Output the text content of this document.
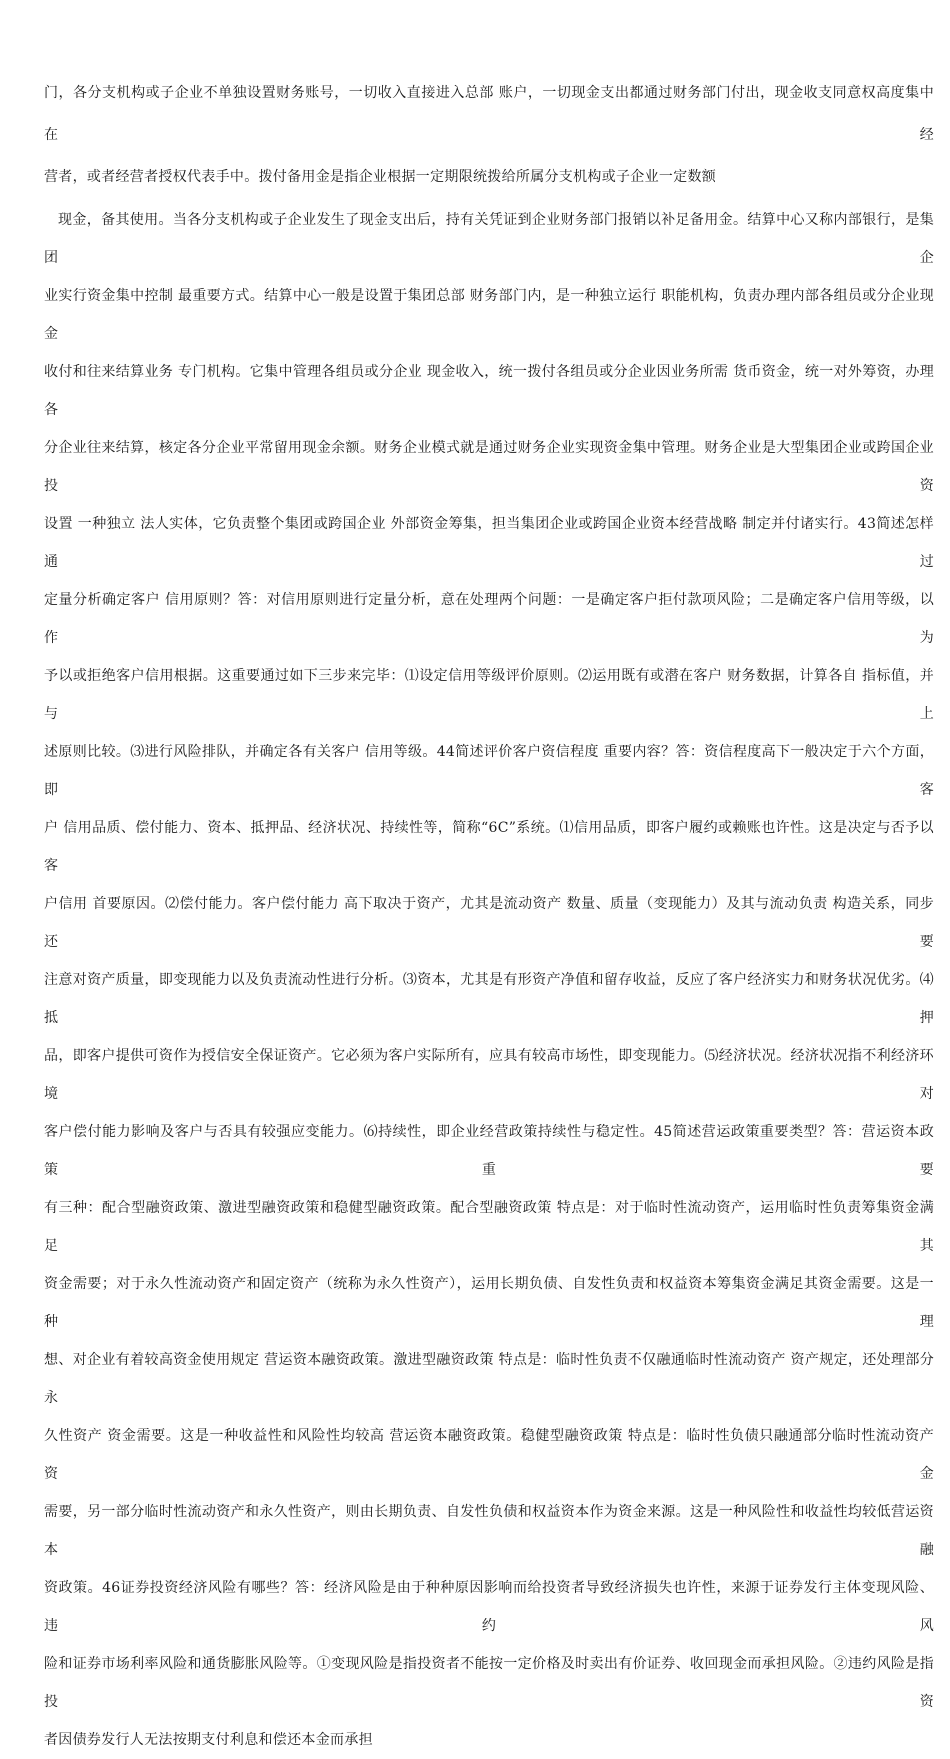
门，各分支机构或子企业不单独设置财务账号，一切收入直接进入总部 账户，一切现金支出都通过财务部门付出，现金收支同意权高度集中在经

营者，或者经营者授权代表手中。拨付备用金是指企业根据一定期限统拨给所属分支机构或子企业一定数额

现金，备其使用。当各分支机构或子企业发生了现金支出后，持有关凭证到企业财务部门报销以补足备用金。结算中心又称内部银行，是集团企

业实行资金集中控制 最重要方式。结算中心一般是设置于集团总部 财务部门内，是一种独立运行 职能机构，负责办理内部各组员或分企业现金

收付和往来结算业务 专门机构。它集中管理各组员或分企业 现金收入，统一拨付各组员或分企业因业务所需 货币资金，统一对外筹资，办理各

分企业往来结算，核定各分企业平常留用现金余额。财务企业模式就是通过财务企业实现资金集中管理。财务企业是大型集团企业或跨国企业投资

设置 一种独立 法人实体，它负责整个集团或跨国企业 外部资金筹集，担当集团企业或跨国企业资本经营战略 制定并付诸实行。43简述怎样通过

定量分析确定客户 信用原则？答：对信用原则进行定量分析，意在处理两个问题：一是确定客户拒付款项风险；二是确定客户信用等级，以作为

予以或拒绝客户信用根据。这重要通过如下三步来完毕：⑴设定信用等级评价原则。⑵运用既有或潜在客户 财务数据，计算各自 指标值，并与上

述原则比较。⑶进行风险排队，并确定各有关客户 信用等级。44简述评价客户资信程度 重要内容？答：资信程度高下一般决定于六个方面，即客

户 信用品质、偿付能力、资本、抵押品、经济状况、持续性等，简称“6C”系统。⑴信用品质，即客户履约或赖账也许性。这是决定与否予以客

户信用 首要原因。⑵偿付能力。客户偿付能力 高下取决于资产，尤其是流动资产 数量、质量（变现能力）及其与流动负责 构造关系，同步还要

注意对资产质量，即变现能力以及负责流动性进行分析。⑶资本，尤其是有形资产净值和留存收益，反应了客户经济实力和财务状况优劣。⑷抵押

品，即客户提供可资作为授信安全保证资产。它必须为客户实际所有，应具有较高市场性，即变现能力。⑸经济状况。经济状况指不利经济环境对

客户偿付能力影响及客户与否具有较强应变能力。⑹持续性，即企业经营政策持续性与稳定性。45简述营运政策重要类型？答：营运资本政策重要

有三种：配合型融资政策、激进型融资政策和稳健型融资政策。配合型融资政策 特点是：对于临时性流动资产，运用临时性负责筹集资金满足其

资金需要；对于永久性流动资产和固定资产（统称为永久性资产），运用长期负债、自发性负责和权益资本筹集资金满足其资金需要。这是一种理

想、对企业有着较高资金使用规定 营运资本融资政策。激进型融资政策 特点是：临时性负责不仅融通临时性流动资产 资产规定，还处理部分永

久性资产 资金需要。这是一种收益性和风险性均较高 营运资本融资政策。稳健型融资政策 特点是：临时性负债只融通部分临时性流动资产 资金

需要，另一部分临时性流动资产和永久性资产，则由长期负责、自发性负债和权益资本作为资金来源。这是一种风险性和收益性均较低营运资本融

资政策。46证券投资经济风险有哪些？答：经济风险是由于种种原因影响而给投资者导致经济损失也许性，来源于证券发行主体变现风险、违约风

险和证券市场利率风险和通货膨胀风险等。①变现风险是指投资者不能按一定价格及时卖出有价证券、收回现金而承担风险。②违约风险是指投资

者因债券发行人无法按期支付利息和偿还本金而承担
